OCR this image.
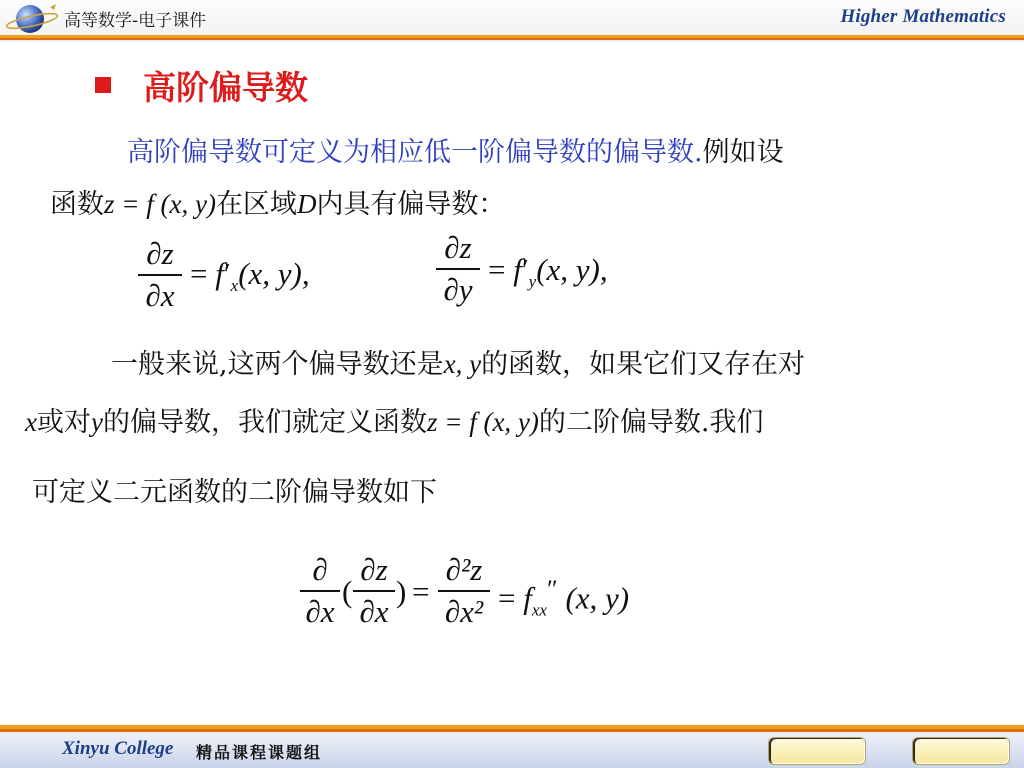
高等数学-电子课件	Higher Mathematics
高阶偏导数
高阶偏导数可定义为相应低一阶偏导数的偏导数.例如设
函数z = f (x, y)在区域D内具有偏导数：
∂z
∂x
= $f'_x(x$, y),
∂z
∂y
= $f'_y(x$, y),
一般来说,这两个偏导数还是x, y的函数，如果它们又存在对
x或对y的偏导数，我们就定义函数z = f (x, y)的二阶偏导数.我们
可定义二元函数的二阶偏导数如下
∂
∂x
(
∂z
∂x
) =
∂²z
$\partial x^2 = f_{xx}''$ (x, y)
Xinyu College 精品课程课题组
